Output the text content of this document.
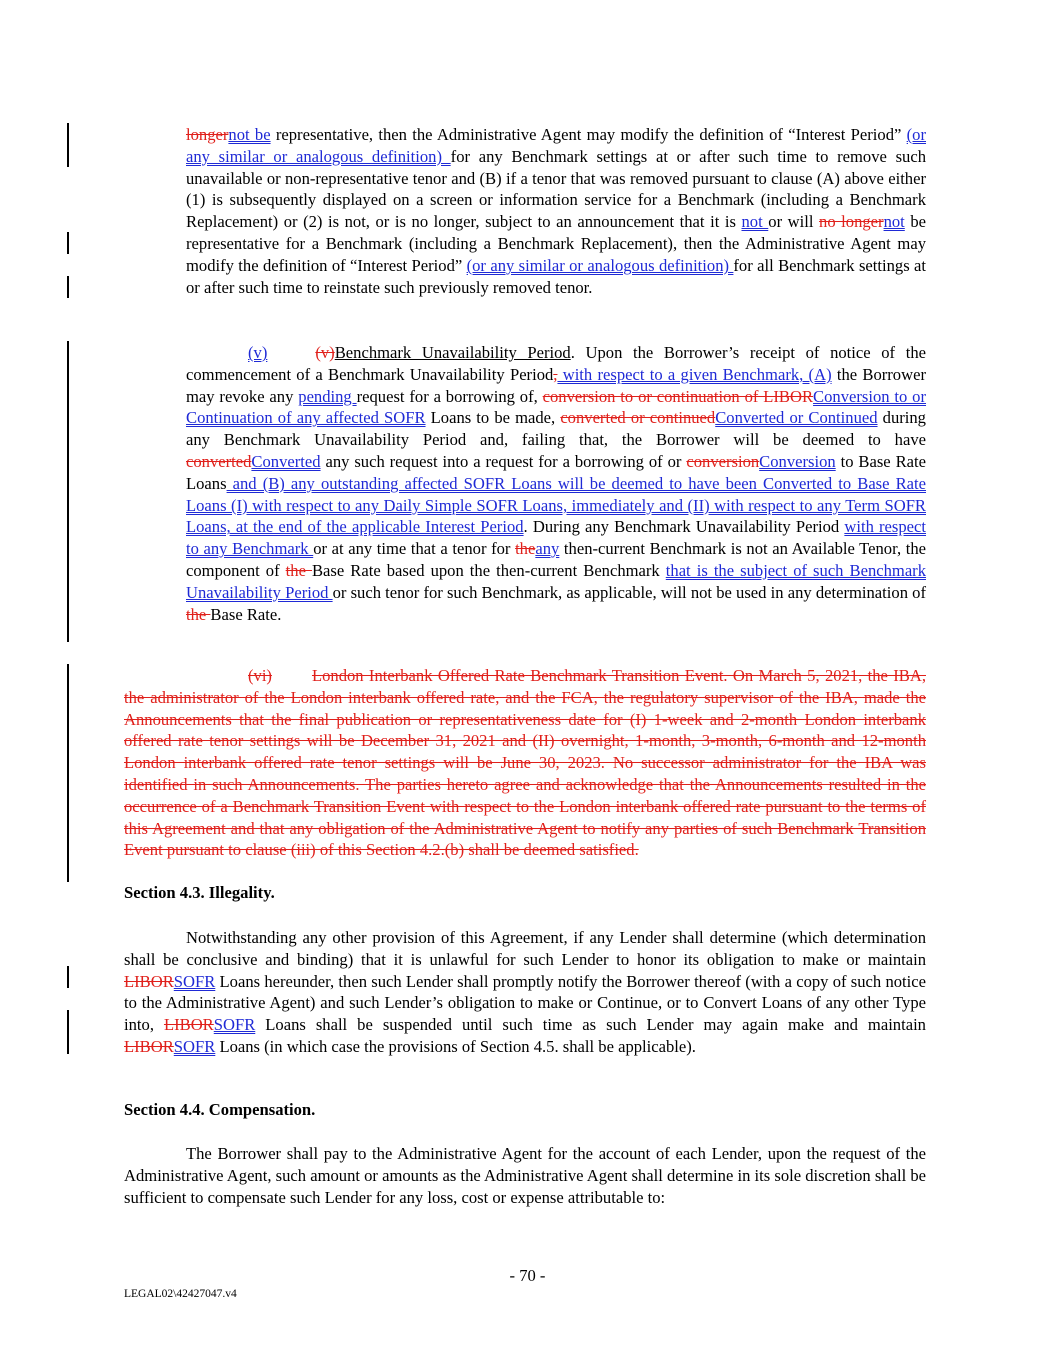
longernot be representative, then the Administrative Agent may modify the definition of “Interest Period” (or any similar or analogous definition) for any Benchmark settings at or after such time to remove such unavailable or non-representative tenor and (B) if a tenor that was removed pursuant to clause (A) above either (1) is subsequently displayed on a screen or information service for a Benchmark (including a Benchmark Replacement) or (2) is not, or is no longer, subject to an announcement that it is not or will no longernot be representative for a Benchmark (including a Benchmark Replacement), then the Administrative Agent may modify the definition of “Interest Period” (or any similar or analogous definition) for all Benchmark settings at or after such time to reinstate such previously removed tenor.

(v)	(v)Benchmark Unavailability Period. Upon the Borrower’s receipt of notice of the commencement of a Benchmark Unavailability Period, with respect to a given Benchmark, (A) the Borrower may revoke any pending request for a borrowing of, conversion to or continuation of LIBORConversion to or Continuation of any affected SOFR Loans to be made, converted or continuedConverted or Continued during any Benchmark Unavailability Period and, failing that, the Borrower will be deemed to have convertedConverted any such request into a request for a borrowing of or conversionConversion to Base Rate Loans and (B) any outstanding affected SOFR Loans will be deemed to have been Converted to Base Rate Loans (I) with respect to any Daily Simple SOFR Loans, immediately and (II) with respect to any Term SOFR Loans, at the end of the applicable Interest Period. During any Benchmark Unavailability Period with respect to any Benchmark or at any time that a tenor for theany then-current Benchmark is not an Available Tenor, the component of the Base Rate based upon the then-current Benchmark that is the subject of such Benchmark Unavailability Period or such tenor for such Benchmark, as applicable, will not be used in any determination of the Base Rate.

(vi) London Interbank Offered Rate Benchmark Transition Event. On March 5, 2021, the IBA, the administrator of the London interbank offered rate, and the FCA, the regulatory supervisor of the IBA, made the Announcements that the final publication or representativeness date for (I) 1-week and 2-month London interbank offered rate tenor settings will be December 31, 2021 and (II) overnight, 1-month, 3-month, 6-month and 12-month London interbank offered rate tenor settings will be June 30, 2023. No successor administrator for the IBA was identified in such Announcements. The parties hereto agree and acknowledge that the Announcements resulted in the occurrence of a Benchmark Transition Event with respect to the London interbank offered rate pursuant to the terms of this Agreement and that any obligation of the Administrative Agent to notify any parties of such Benchmark Transition Event pursuant to clause (iii) of this Section 4.2.(b) shall be deemed satisfied.

Section 4.3. Illegality.

Notwithstanding any other provision of this Agreement, if any Lender shall determine (which determination shall be conclusive and binding) that it is unlawful for such Lender to honor its obligation to make or maintain LIBORSOFR Loans hereunder, then such Lender shall promptly notify the Borrower thereof (with a copy of such notice to the Administrative Agent) and such Lender’s obligation to make or Continue, or to Convert Loans of any other Type into, LIBORSOFR Loans shall be suspended until such time as such Lender may again make and maintain LIBORSOFR Loans (in which case the provisions of Section 4.5. shall be applicable).

Section 4.4. Compensation.

The Borrower shall pay to the Administrative Agent for the account of each Lender, upon the request of the Administrative Agent, such amount or amounts as the Administrative Agent shall determine in its sole discretion shall be sufficient to compensate such Lender for any loss, cost or expense attributable to:

- 70 -
LEGAL02\42427047.v4
